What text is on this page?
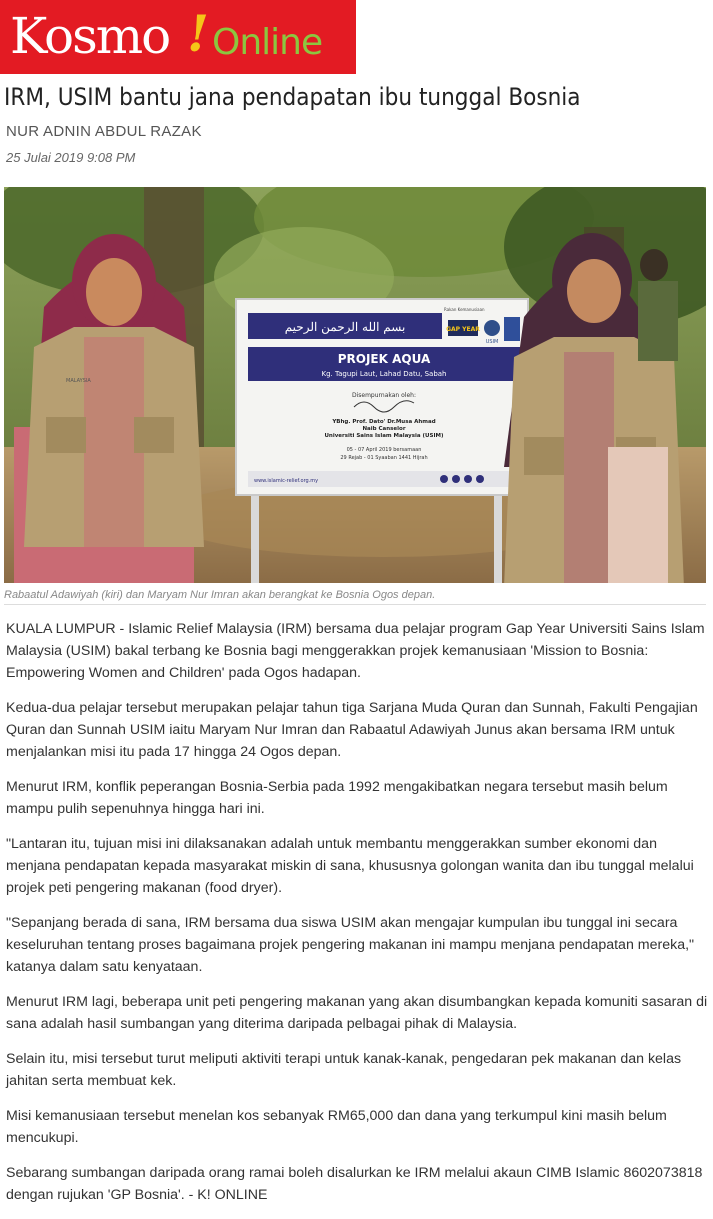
Kosmo ! Online
IRM, USIM bantu jana pendapatan ibu tunggal Bosnia
NUR ADNIN ABDUL RAZAK
25 Julai 2019 9:08 PM
بسم الله الرحمن الرحيم
Rakan Kemanusiaan
GAP YEAR
USIM
PROJEK AQUA
Kg. Tagupi Laut, Lahad Datu, Sabah
Disempurnakan oleh:
YBhg. Prof. Dato' Dr.Musa Ahmad
Naib Canselor
Universiti Sains Islam Malaysia (USIM)
05 - 07 April 2019 bersamaan
29 Rejab - 01 Syaaban 1441 Hijrah
www.islamic-relief.org.my
MALAYSIA
Rabaatul Adawiyah (kiri) dan Maryam Nur Imran akan berangkat ke Bosnia Ogos depan.

KUALA LUMPUR - Islamic Relief Malaysia (IRM) bersama dua pelajar program Gap Year Universiti Sains Islam Malaysia (USIM) bakal terbang ke Bosnia bagi menggerakkan projek kemanusiaan 'Mission to Bosnia: Empowering Women and Children' pada Ogos hadapan.

Kedua-dua pelajar tersebut merupakan pelajar tahun tiga Sarjana Muda Quran dan Sunnah, Fakulti Pengajian Quran dan Sunnah USIM iaitu Maryam Nur Imran dan Rabaatul Adawiyah Junus akan bersama IRM untuk menjalankan misi itu pada 17 hingga 24 Ogos depan.

Menurut IRM, konflik peperangan Bosnia-Serbia pada 1992 mengakibatkan negara tersebut masih belum mampu pulih sepenuhnya hingga hari ini.

"Lantaran itu, tujuan misi ini dilaksanakan adalah untuk membantu menggerakkan sumber ekonomi dan menjana pendapatan kepada masyarakat miskin di sana, khususnya golongan wanita dan ibu tunggal melalui projek peti pengering makanan (food dryer).

"Sepanjang berada di sana, IRM bersama dua siswa USIM akan mengajar kumpulan ibu tunggal ini secara keseluruhan tentang proses bagaimana projek pengering makanan ini mampu menjana pendapatan mereka," katanya dalam satu kenyataan.

Menurut IRM lagi, beberapa unit peti pengering makanan yang akan disumbangkan kepada komuniti sasaran di sana adalah hasil sumbangan yang diterima daripada pelbagai pihak di Malaysia.

Selain itu, misi tersebut turut meliputi aktiviti terapi untuk kanak-kanak, pengedaran pek makanan dan kelas jahitan serta membuat kek.

Misi kemanusiaan tersebut menelan kos sebanyak RM65,000 dan dana yang terkumpul kini masih belum mencukupi.

Sebarang sumbangan daripada orang ramai boleh disalurkan ke IRM melalui akaun CIMB Islamic 8602073818 dengan rujukan 'GP Bosnia'. - K! ONLINE
